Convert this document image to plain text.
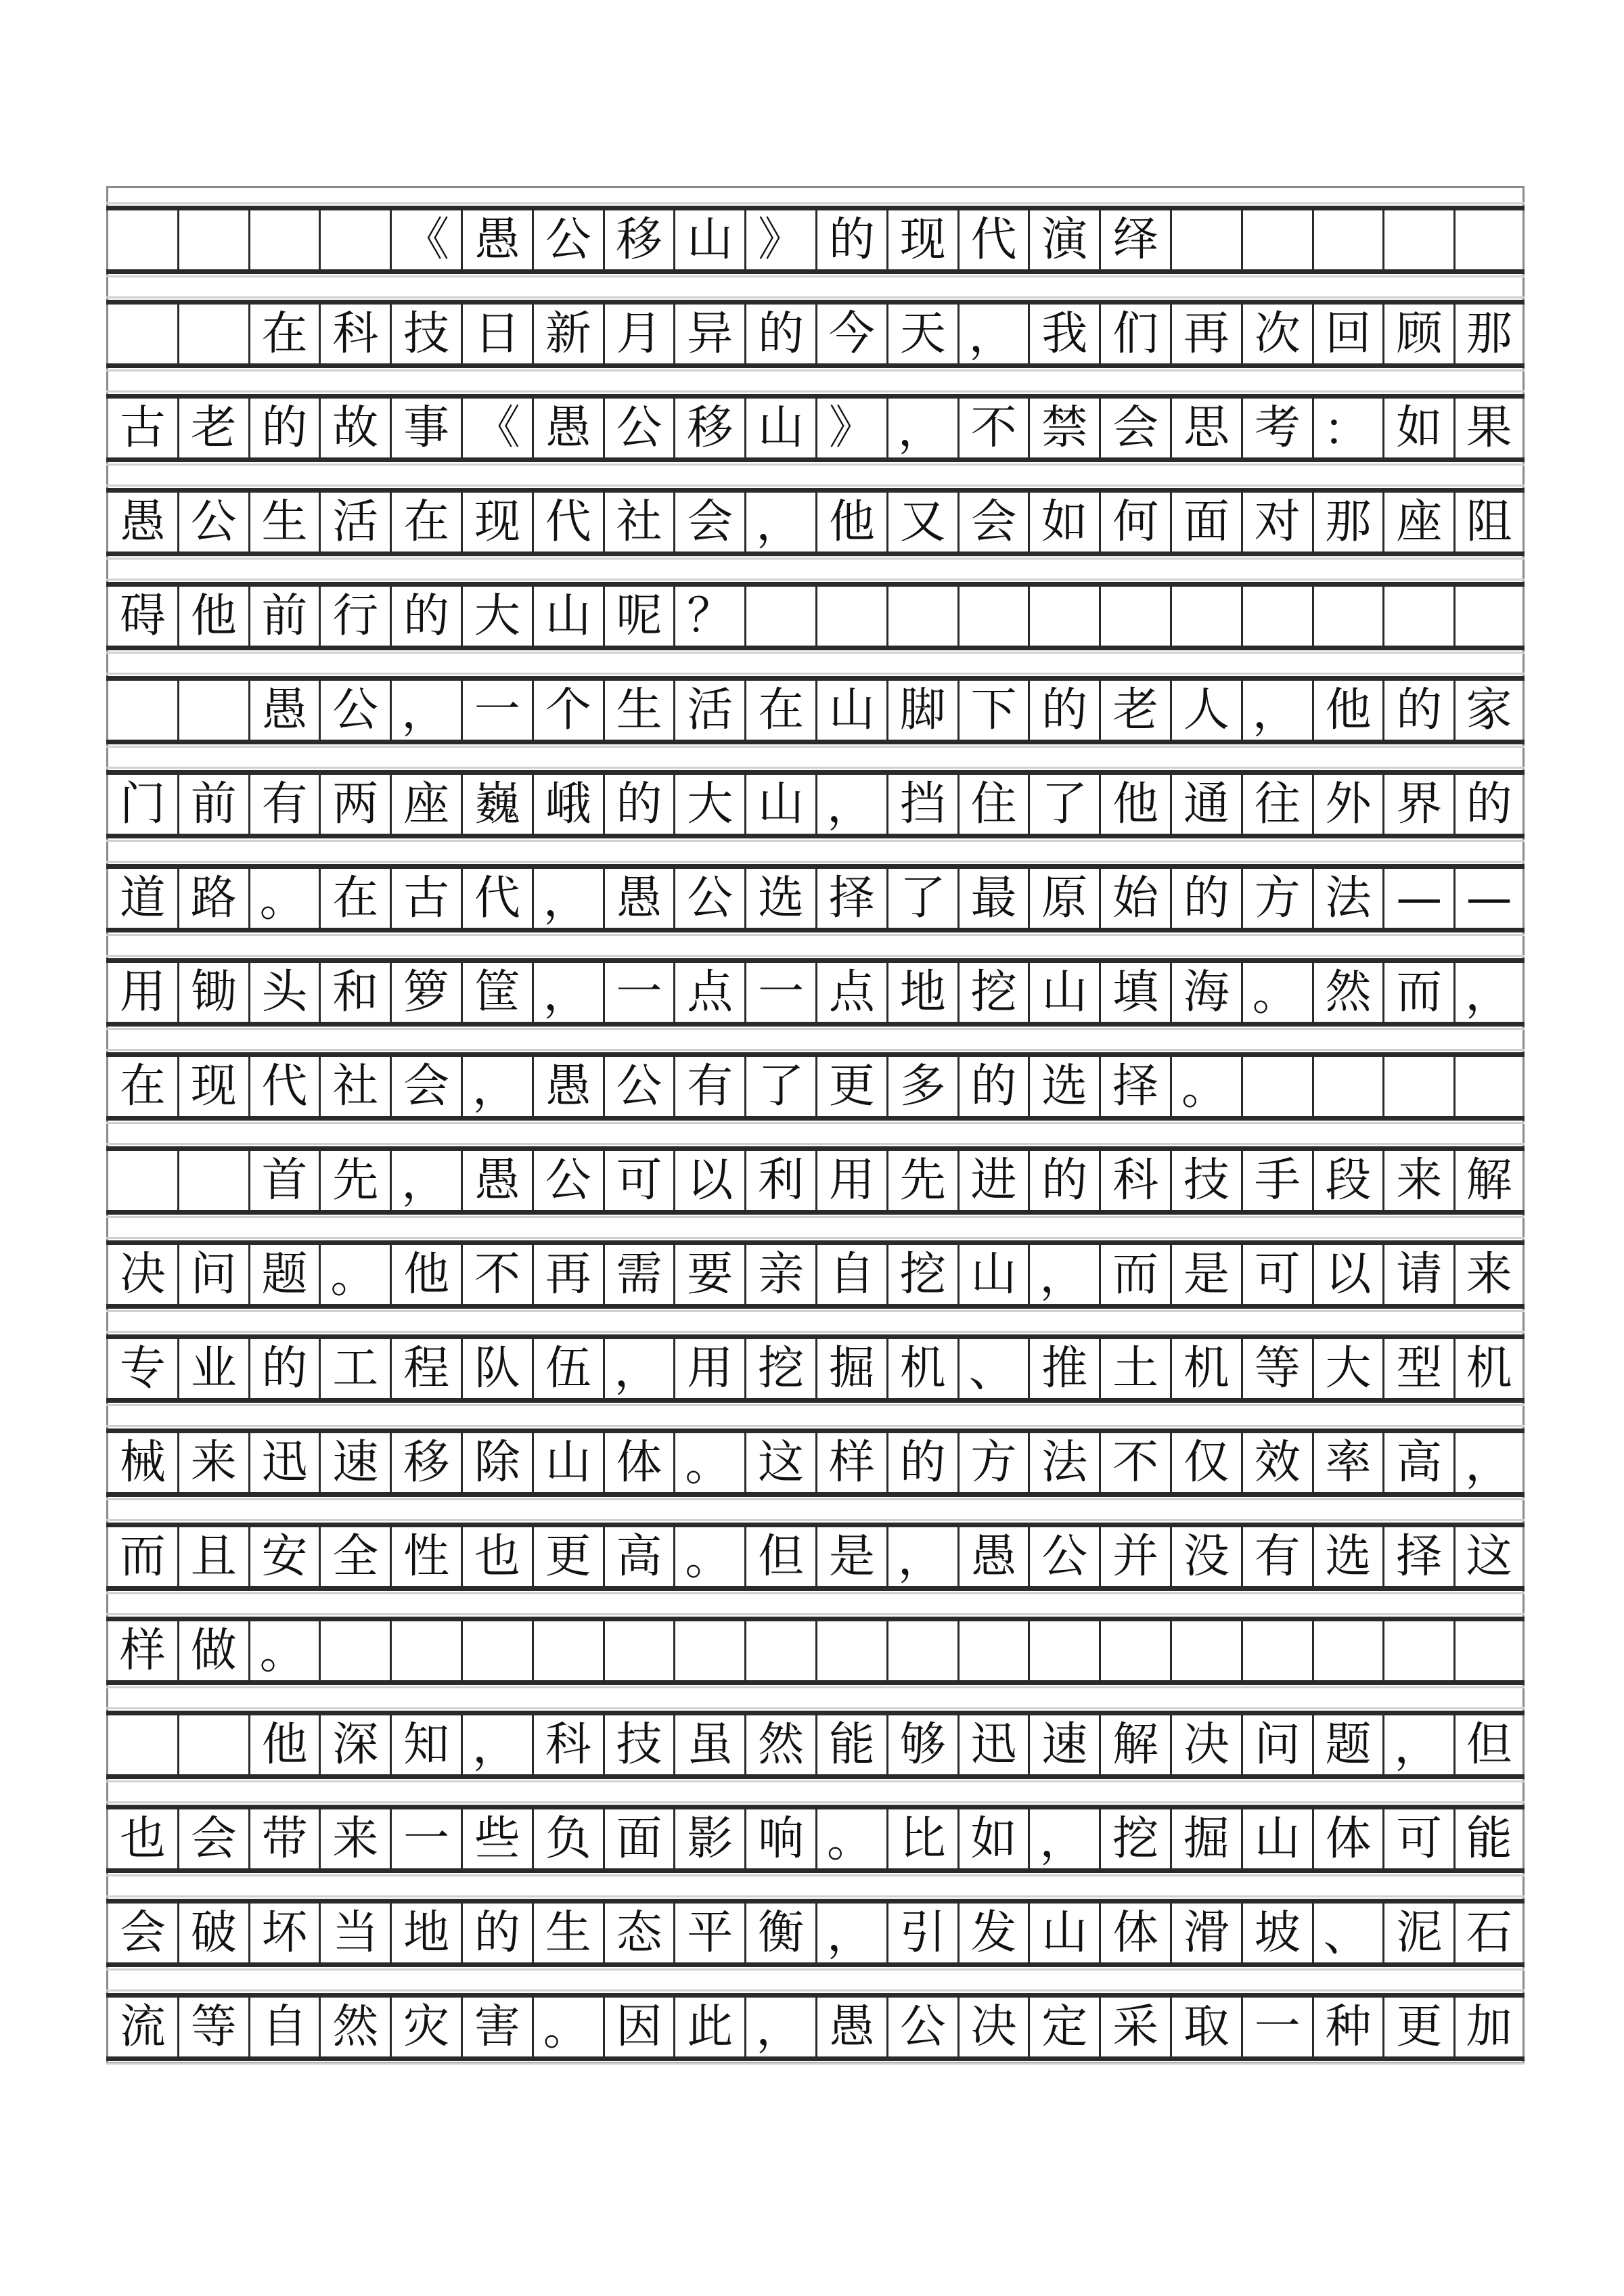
《 愚 公 移 山 》 的 现 代 演 绎
在 科 技 日 新 月 异 的 今 天 ， 我 们 再 次 回 顾 那
古 老 的 故 事 《 愚 公 移 山 》 ， 不 禁 会 思 考 ： 如 果
愚 公 生 活 在 现 代 社 会 ， 他 又 会 如 何 面 对 那 座 阻
碍 他 前 行 的 大 山 呢 ？
愚 公 ， 一 个 生 活 在 山 脚 下 的 老 人 ， 他 的 家
门 前 有 两 座 巍 峨 的 大 山 ， 挡 住 了 他 通 往 外 界 的
道 路 。 在 古 代 ， 愚 公 选 择 了 最 原 始 的 方 法 — —
用 锄 头 和 箩 筐 ， 一 点 一 点 地 挖 山 填 海 。 然 而 ，
在 现 代 社 会 ， 愚 公 有 了 更 多 的 选 择 。
首 先 ， 愚 公 可 以 利 用 先 进 的 科 技 手 段 来 解
决 问 题 。 他 不 再 需 要 亲 自 挖 山 ， 而 是 可 以 请 来
专 业 的 工 程 队 伍 ， 用 挖 掘 机 、 推 土 机 等 大 型 机
械 来 迅 速 移 除 山 体 。 这 样 的 方 法 不 仅 效 率 高 ，
而 且 安 全 性 也 更 高 。 但 是 ， 愚 公 并 没 有 选 择 这
样 做 。
他 深 知 ， 科 技 虽 然 能 够 迅 速 解 决 问 题 ， 但
也 会 带 来 一 些 负 面 影 响 。 比 如 ， 挖 掘 山 体 可 能
会 破 坏 当 地 的 生 态 平 衡 ， 引 发 山 体 滑 坡 、 泥 石
流 等 自 然 灾 害 。 因 此 ， 愚 公 决 定 采 取 一 种 更 加
